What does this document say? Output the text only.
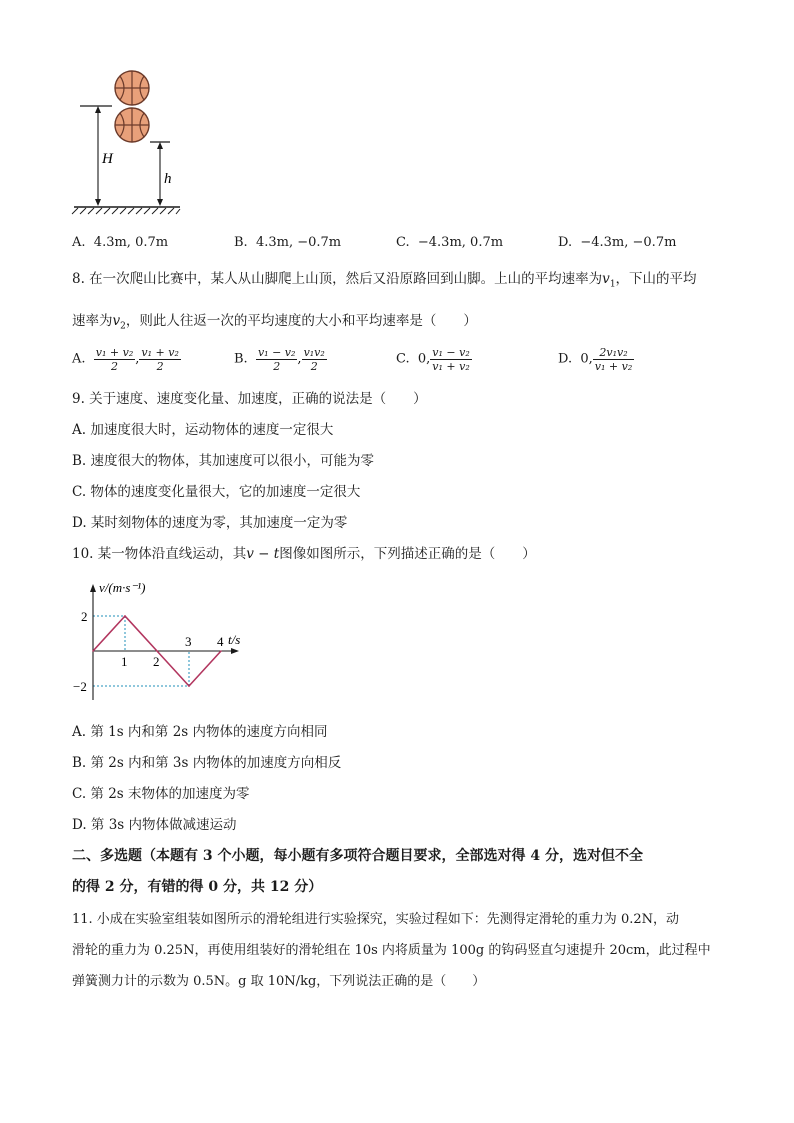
H
h
A. 4.3m, 0.7m	B. 4.3m, −0.7m	C. −4.3m, 0.7m	D. −4.3m, −0.7m
8. 在一次爬山比赛中，某人从山脚爬上山顶，然后又沿原路回到山脚。上山的平均速率为$v_1$，下山的平均
速率为$v_2$，则此人往返一次的平均速度的大小和平均速率是（　　）
A. $\frac{\text{v₁ + v₂}}{2}$ , $\frac{\text{v₁ + v₂}}{2}$	B. $\frac{\text{v₁ − v₂}}{2}$ , $\frac{\text{v₁v₂}}{2}$	C. 0, $\frac{\text{v₁ − v₂}}{\text{v₁ + v₂}}$	D. 0, $\frac{\text{2v₁v₂}}{\text{v₁ + v₂}}$
9. 关于速度、速度变化量、加速度，正确的说法是（　　）
A. 加速度很大时，运动物体的速度一定很大
B. 速度很大的物体，其加速度可以很小，可能为零
C. 物体的速度变化量很大，它的加速度一定很大
D. 某时刻物体的速度为零，其加速度一定为零
10. 某一物体沿直线运动，其v − t图像如图所示，下列描述正确的是（　　）
v/(m·s⁻¹)
t/s
1 2
3 4
2
−2
A. 第 1s 内和第 2s 内物体的速度方向相同
B. 第 2s 内和第 3s 内物体的加速度方向相反
C. 第 2s 末物体的加速度为零
D. 第 3s 内物体做减速运动
二、多选题（本题有 3 个小题，每小题有多项符合题目要求，全部选对得 4 分，选对但不全
的得 2 分，有错的得 0 分，共 12 分）
11. 小成在实验室组装如图所示的滑轮组进行实验探究，实验过程如下：先测得定滑轮的重力为 0.2N，动
滑轮的重力为 0.25N，再使用组装好的滑轮组在 10s 内将质量为 100g 的钩码竖直匀速提升 20cm，此过程中
弹簧测力计的示数为 0.5N。g 取 10N/kg，下列说法正确的是（　　）
